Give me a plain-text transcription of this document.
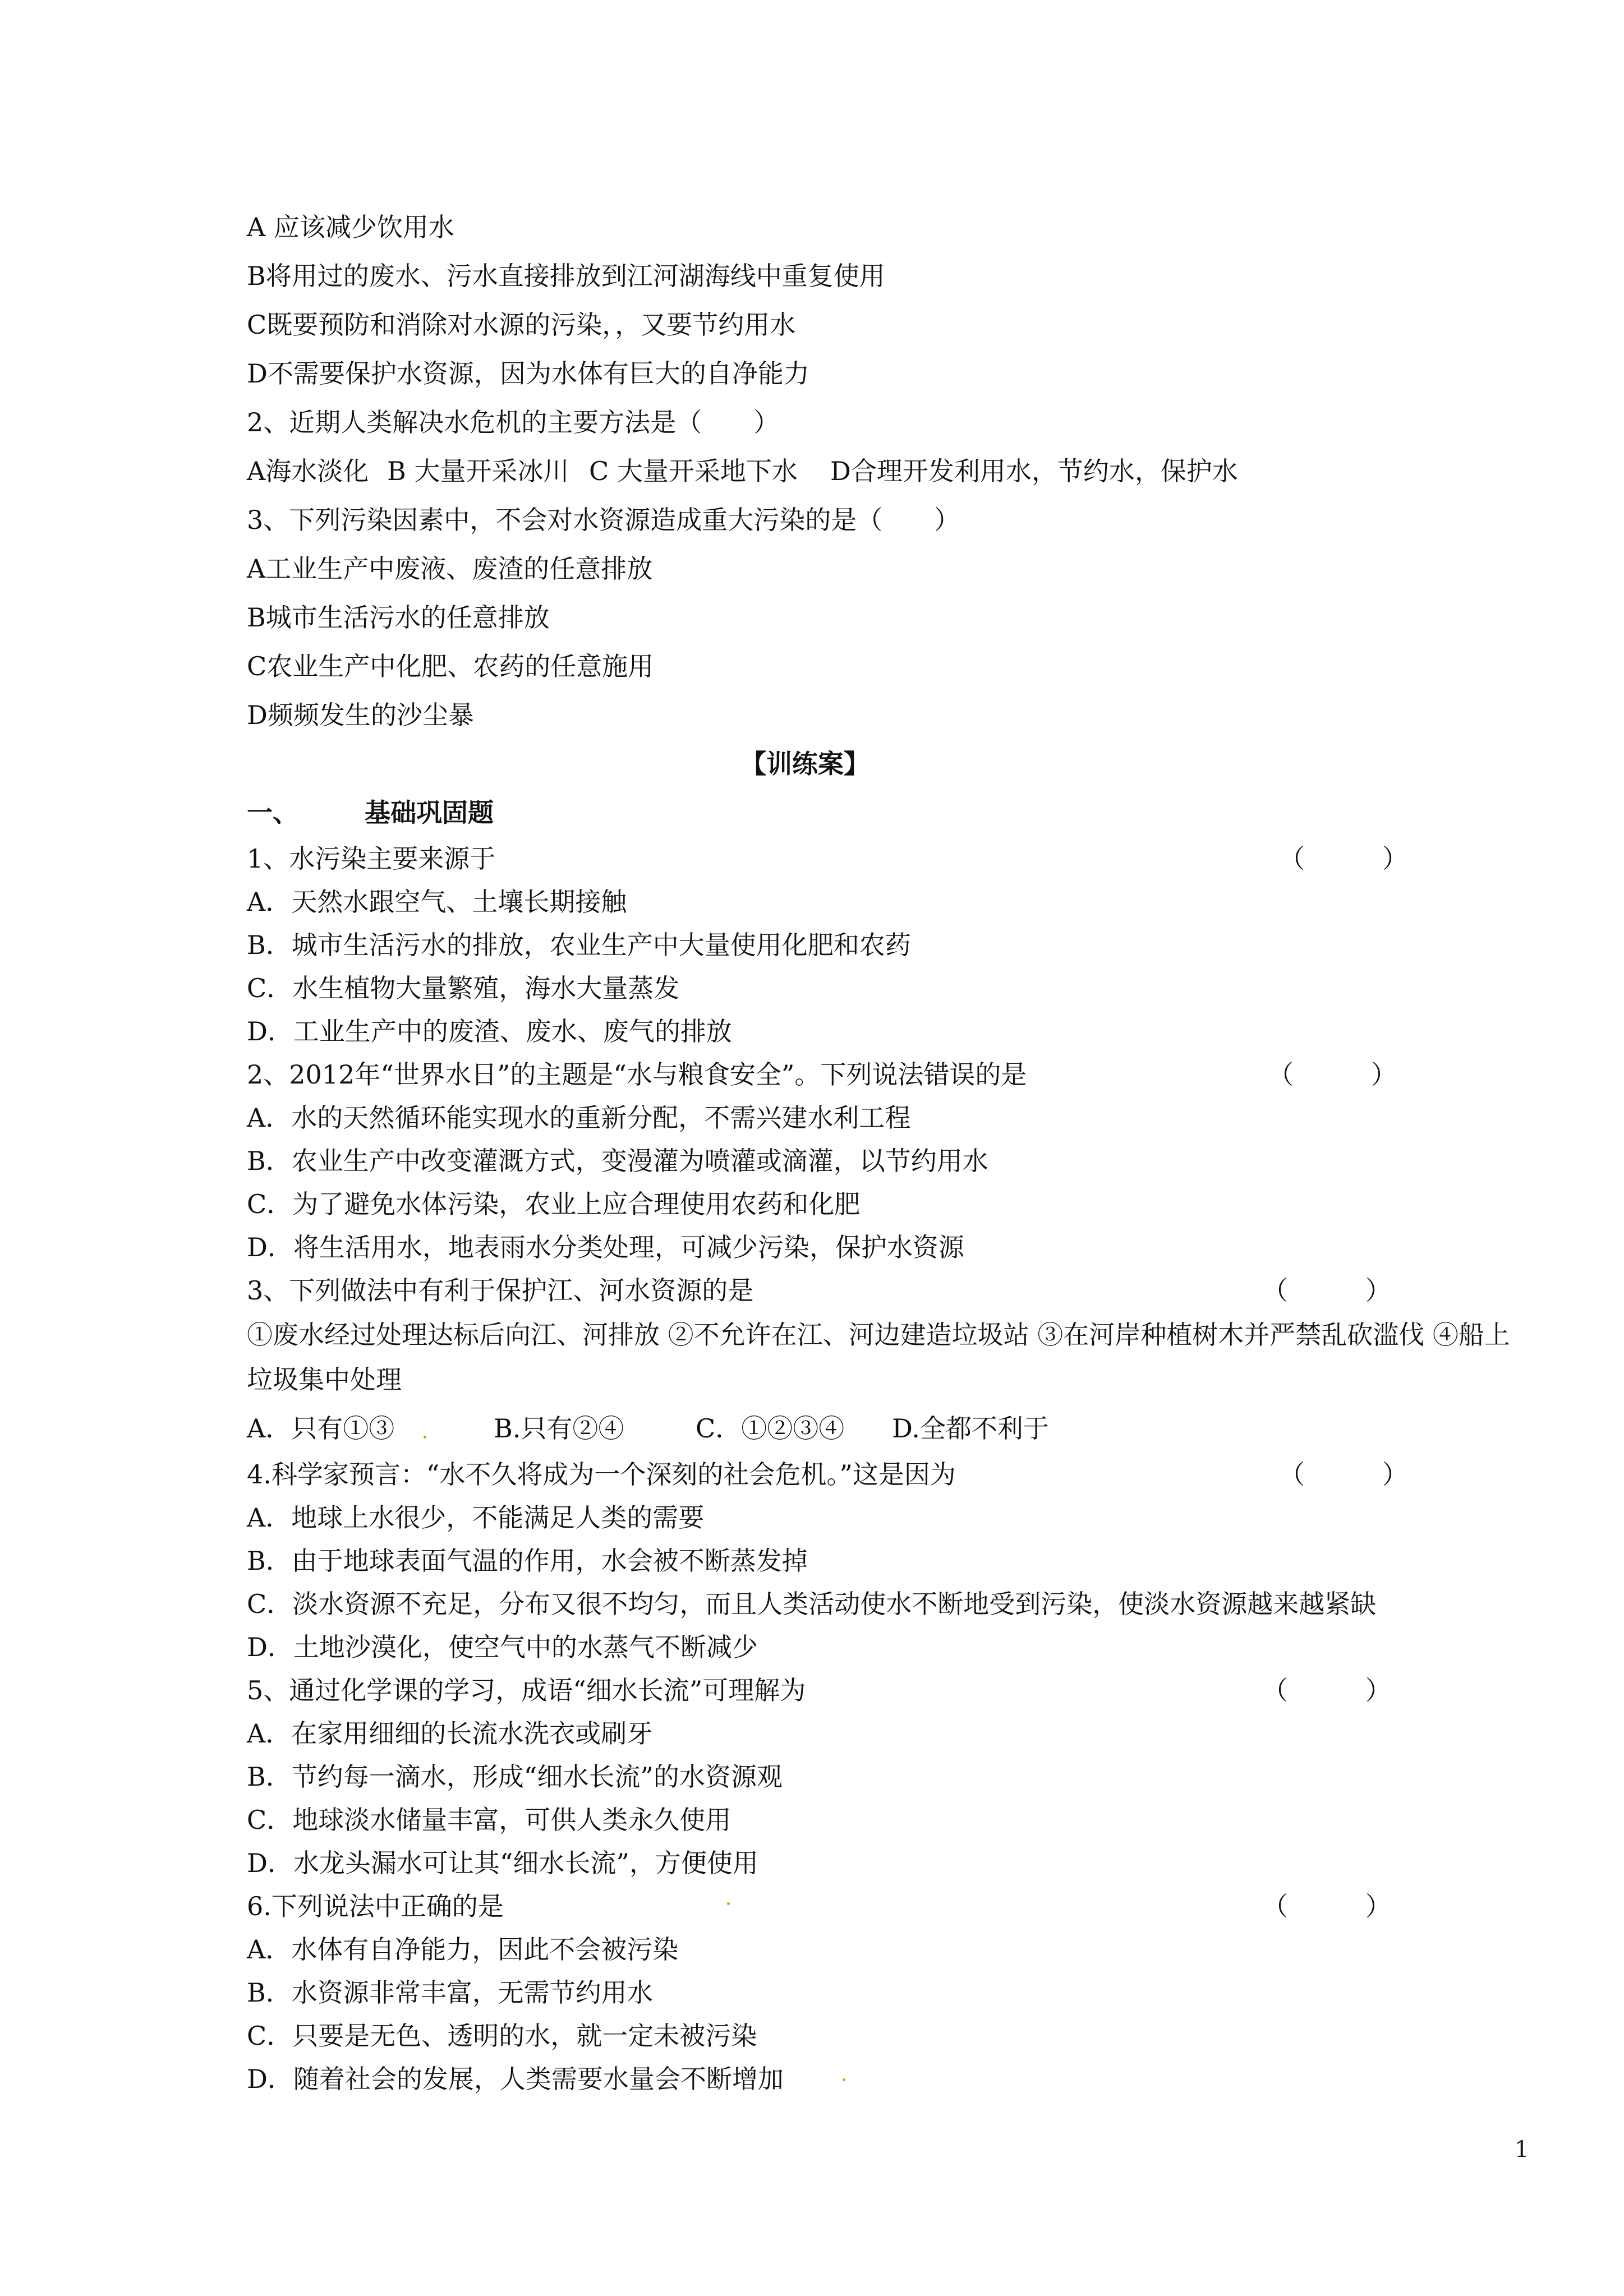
A 应该减少饮用水
B将用过的废水、污水直接排放到江河湖海线中重复使用
C既要预防和消除对水源的污染，，又要节约用水
D不需要保护水资源，因为水体有巨大的自净能力
2、近期人类解决水危机的主要方法是（　　）
A海水淡化 B 大量开采冰川 C 大量开采地下水 D合理开发利用水，节约水，保护水
3、下列污染因素中，不会对水资源造成重大污染的是（　　）
A工业生产中废液、废渣的任意排放
B城市生活污水的任意排放
C农业生产中化肥、农药的任意施用
D频频发生的沙尘暴
【训练案】
一、	基础巩固题
1、水污染主要来源于	（　　　）
A．天然水跟空气、土壤长期接触
B．城市生活污水的排放，农业生产中大量使用化肥和农药
C．水生植物大量繁殖，海水大量蒸发
D．工业生产中的废渣、废水、废气的排放
2、2012年“世界水日”的主题是“水与粮食安全”。下列说法错误的是	（　　　）
A．水的天然循环能实现水的重新分配，不需兴建水利工程
B．农业生产中改变灌溉方式，变漫灌为喷灌或滴灌，以节约用水
C．为了避免水体污染，农业上应合理使用农药和化肥
D．将生活用水，地表雨水分类处理，可减少污染，保护水资源
3、下列做法中有利于保护江、河水资源的是	（　　　）
①废水经过处理达标后向江、河排放 ②不允许在江、河边建造垃圾站 ③在河岸种植树木并严禁乱砍滥伐 ④船上垃圾集中处理
A．只有①③	B.只有②④	C．①②③④ D.全都不利于
4.科学家预言：“水不久将成为一个深刻的社会危机。”这是因为	（　　　）
A．地球上水很少，不能满足人类的需要
B．由于地球表面气温的作用，水会被不断蒸发掉
C．淡水资源不充足，分布又很不均匀，而且人类活动使水不断地受到污染，使淡水资源越来越紧缺
D．土地沙漠化，使空气中的水蒸气不断减少
5、通过化学课的学习，成语“细水长流”可理解为	（　　　）
A．在家用细细的长流水洗衣或刷牙
B．节约每一滴水，形成“细水长流”的水资源观
C．地球淡水储量丰富，可供人类永久使用
D．水龙头漏水可让其“细水长流”，方便使用
6.下列说法中正确的是	（　　　）
A．水体有自净能力，因此不会被污染
B．水资源非常丰富，无需节约用水
C．只要是无色、透明的水，就一定未被污染
D．随着社会的发展，人类需要水量会不断增加
1
